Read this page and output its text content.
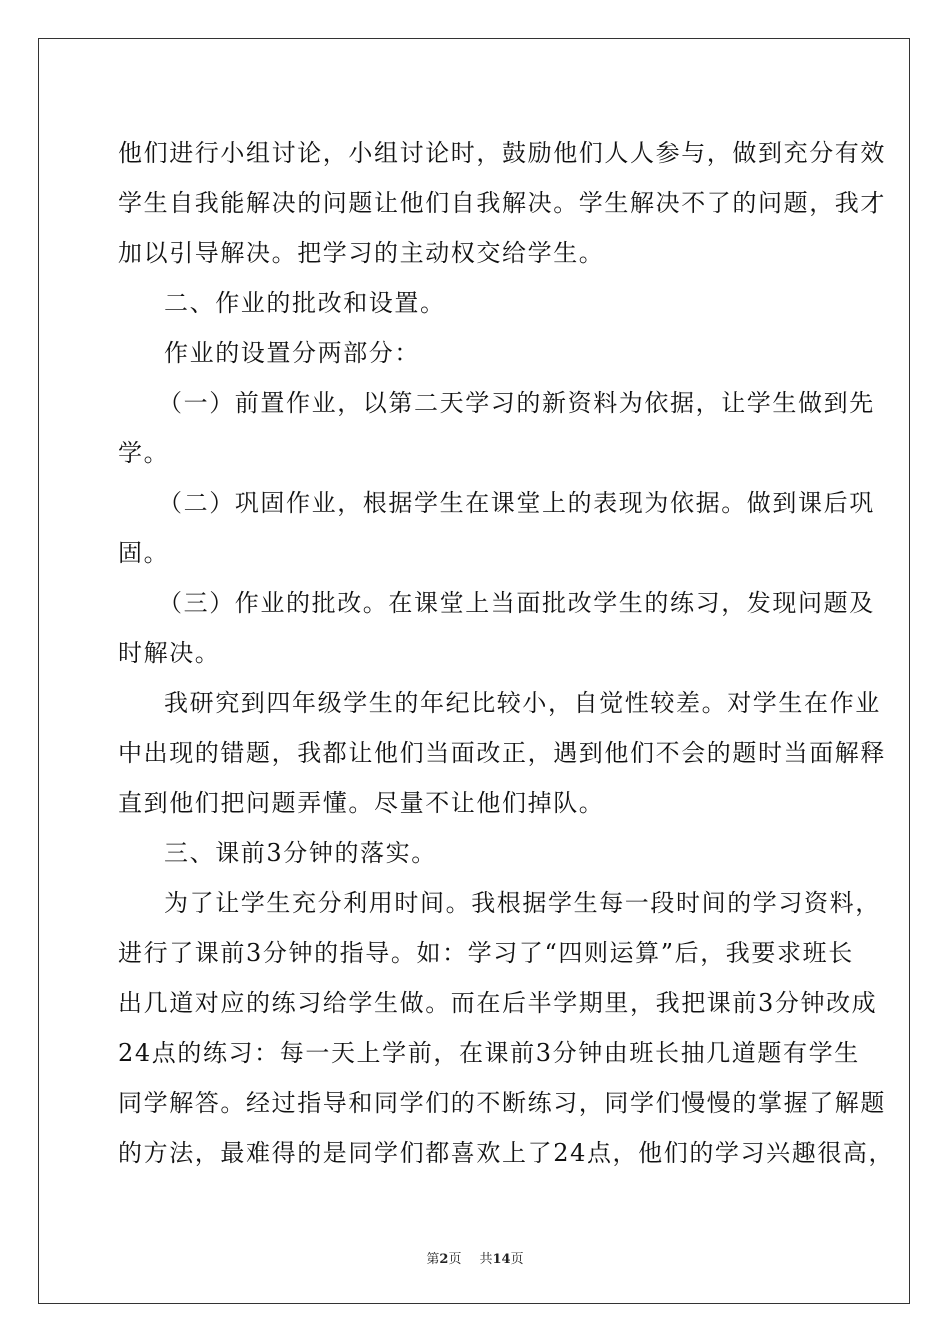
他们进行小组讨论，小组讨论时，鼓励他们人人参与，做到充分有效
学生自我能解决的问题让他们自我解决。学生解决不了的问题，我才
加以引导解决。把学习的主动权交给学生。
二、作业的批改和设置。
作业的设置分两部分：
（一）前置作业，以第二天学习的新资料为依据，让学生做到先
学。
（二）巩固作业，根据学生在课堂上的表现为依据。做到课后巩
固。
（三）作业的批改。在课堂上当面批改学生的练习，发现问题及
时解决。
我研究到四年级学生的年纪比较小，自觉性较差。对学生在作业
中出现的错题，我都让他们当面改正，遇到他们不会的题时当面解释
直到他们把问题弄懂。尽量不让他们掉队。
三、课前3分钟的落实。
为了让学生充分利用时间。我根据学生每一段时间的学习资料，
进行了课前3分钟的指导。如：学习了“四则运算”后，我要求班长
出几道对应的练习给学生做。而在后半学期里，我把课前3分钟改成
24点的练习：每一天上学前，在课前3分钟由班长抽几道题有学生
同学解答。经过指导和同学们的不断练习，同学们慢慢的掌握了解题
的方法，最难得的是同学们都喜欢上了24点，他们的学习兴趣很高，
第2页 共14页
